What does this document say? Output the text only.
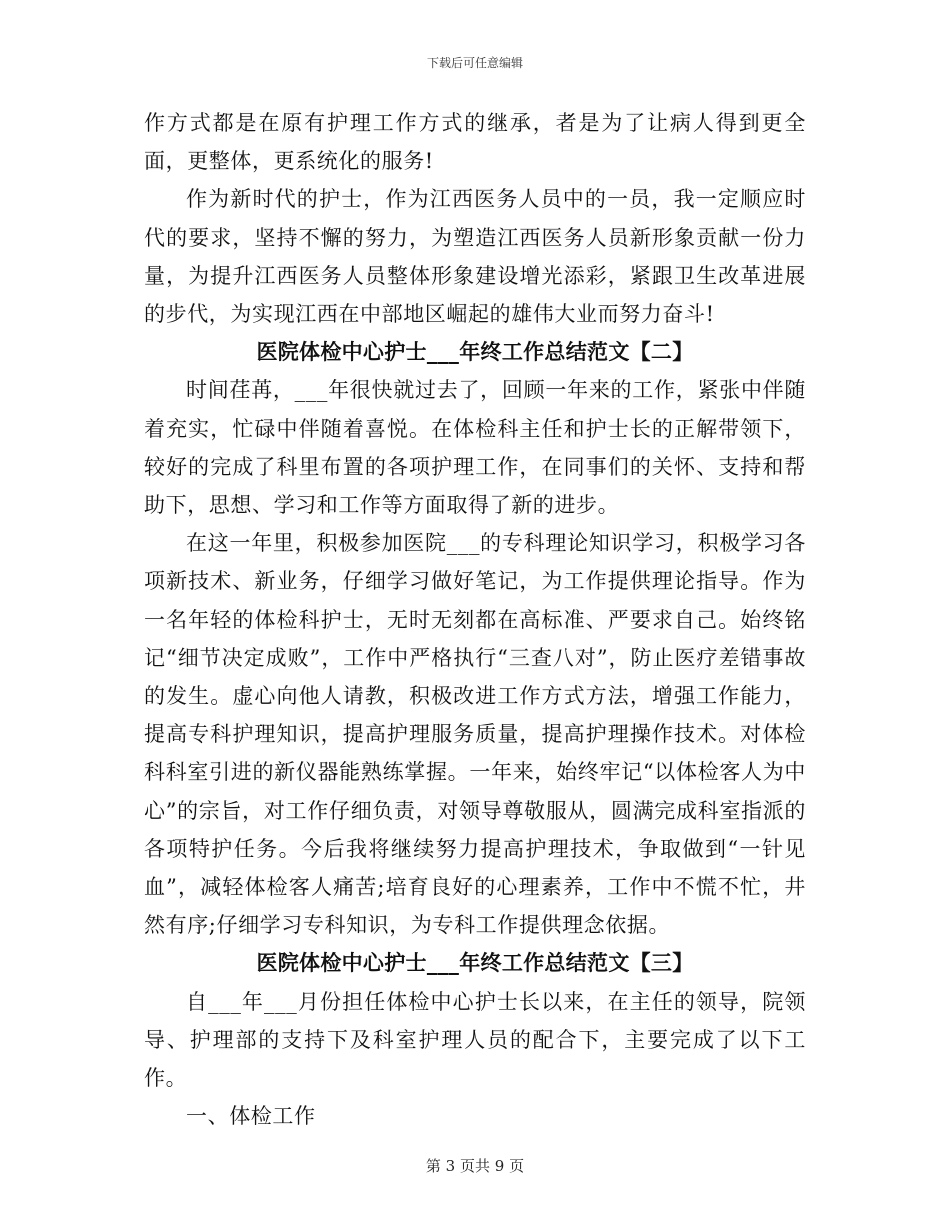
下载后可任意编辑

作方式都是在原有护理工作方式的继承，者是为了让病人得到更全面，更整体，更系统化的服务!

作为新时代的护士，作为江西医务人员中的一员，我一定顺应时代的要求，坚持不懈的努力，为塑造江西医务人员新形象贡献一份力量，为提升江西医务人员整体形象建设增光添彩，紧跟卫生改革进展的步代，为实现江西在中部地区崛起的雄伟大业而努力奋斗!

医院体检中心护士___年终工作总结范文【二】

时间荏苒，___年很快就过去了，回顾一年来的工作，紧张中伴随着充实，忙碌中伴随着喜悦。在体检科主任和护士长的正解带领下，较好的完成了科里布置的各项护理工作，在同事们的关怀、支持和帮助下，思想、学习和工作等方面取得了新的进步。

在这一年里，积极参加医院___的专科理论知识学习，积极学习各项新技术、新业务，仔细学习做好笔记，为工作提供理论指导。作为一名年轻的体检科护士，无时无刻都在高标准、严要求自己。始终铭记“细节决定成败”，工作中严格执行“三查八对”，防止医疗差错事故的发生。虚心向他人请教，积极改进工作方式方法，增强工作能力，提高专科护理知识，提高护理服务质量，提高护理操作技术。对体检科科室引进的新仪器能熟练掌握。一年来，始终牢记“以体检客人为中心”的宗旨，对工作仔细负责，对领导尊敬服从，圆满完成科室指派的各项特护任务。今后我将继续努力提高护理技术，争取做到“一针见血”，减轻体检客人痛苦;培育良好的心理素养，工作中不慌不忙，井然有序;仔细学习专科知识，为专科工作提供理念依据。

医院体检中心护士___年终工作总结范文【三】

自___年___月份担任体检中心护士长以来，在主任的领导，院领导、护理部的支持下及科室护理人员的配合下，主要完成了以下工作。

一、体检工作

第 3 页共 9 页
